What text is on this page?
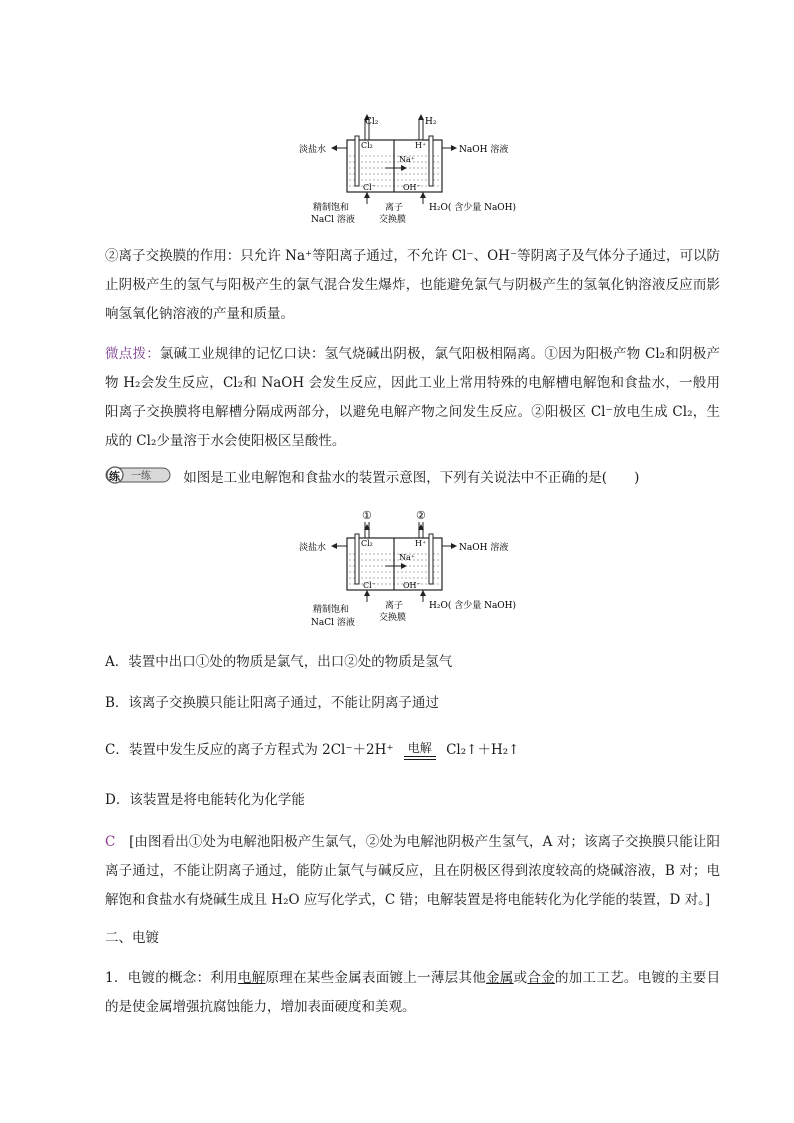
Cl₂	H₂
淡盐水	NaOH 溶液
Cl₂	H⁺
Na⁺
Cl⁻	OH⁻
精制饱和
NaCl 溶液
离子
交换膜
H₂O( 含少量 NaOH)

②离子交换膜的作用：只允许 Na⁺等阳离子通过，不允许 Cl⁻、OH⁻等阴离子及气体分子通过，可以防止阴极产生的氢气与阳极产生的氯气混合发生爆炸，也能避免氯气与阴极产生的氢氧化钠溶液反应而影响氢氧化钠溶液的产量和质量。

微点拨：氯碱工业规律的记忆口诀：氢气烧碱出阴极，氯气阳极相隔离。①因为阳极产物 Cl₂和阴极产物 H₂会发生反应，Cl₂和 NaOH 会发生反应，因此工业上常用特殊的电解槽电解饱和食盐水，一般用阳离子交换膜将电解槽分隔成两部分，以避免电解产物之间发生反应。②阳极区 Cl⁻放电生成 Cl₂，生成的 Cl₂少量溶于水会使阳极区呈酸性。

练 一练 如图是工业电解饱和食盐水的装置示意图，下列有关说法中不正确的是(　　)
①	②
淡盐水	NaOH 溶液
Cl₂	H⁺
Na⁺
Cl⁻	OH⁻
精制饱和
NaCl 溶液
离子
交换膜
H₂O( 含少量 NaOH)
A．装置中出口①处的物质是氯气，出口②处的物质是氢气
B．该离子交换膜只能让阳离子通过，不能让阴离子通过
C．装置中发生反应的离子方程式为 2Cl⁻＋2H⁺	电解 Cl₂↑＋H₂↑
D．该装置是将电能转化为化学能

C　 [由图看出①处为电解池阳极产生氯气，②处为电解池阴极产生氢气，A 对；该离子交换膜只能让阳离子通过，不能让阴离子通过，能防止氯气与碱反应，且在阴极区得到浓度较高的烧碱溶液，B 对；电解饱和食盐水有烧碱生成且 H₂O 应写化学式，C 错；电解装置是将电能转化为化学能的装置，D 对。]

二、电镀

1．电镀的概念：利用电解原理在某些金属表面镀上一薄层其他金属或合金的加工工艺。电镀的主要目的是使金属增强抗腐蚀能力，增加表面硬度和美观。
